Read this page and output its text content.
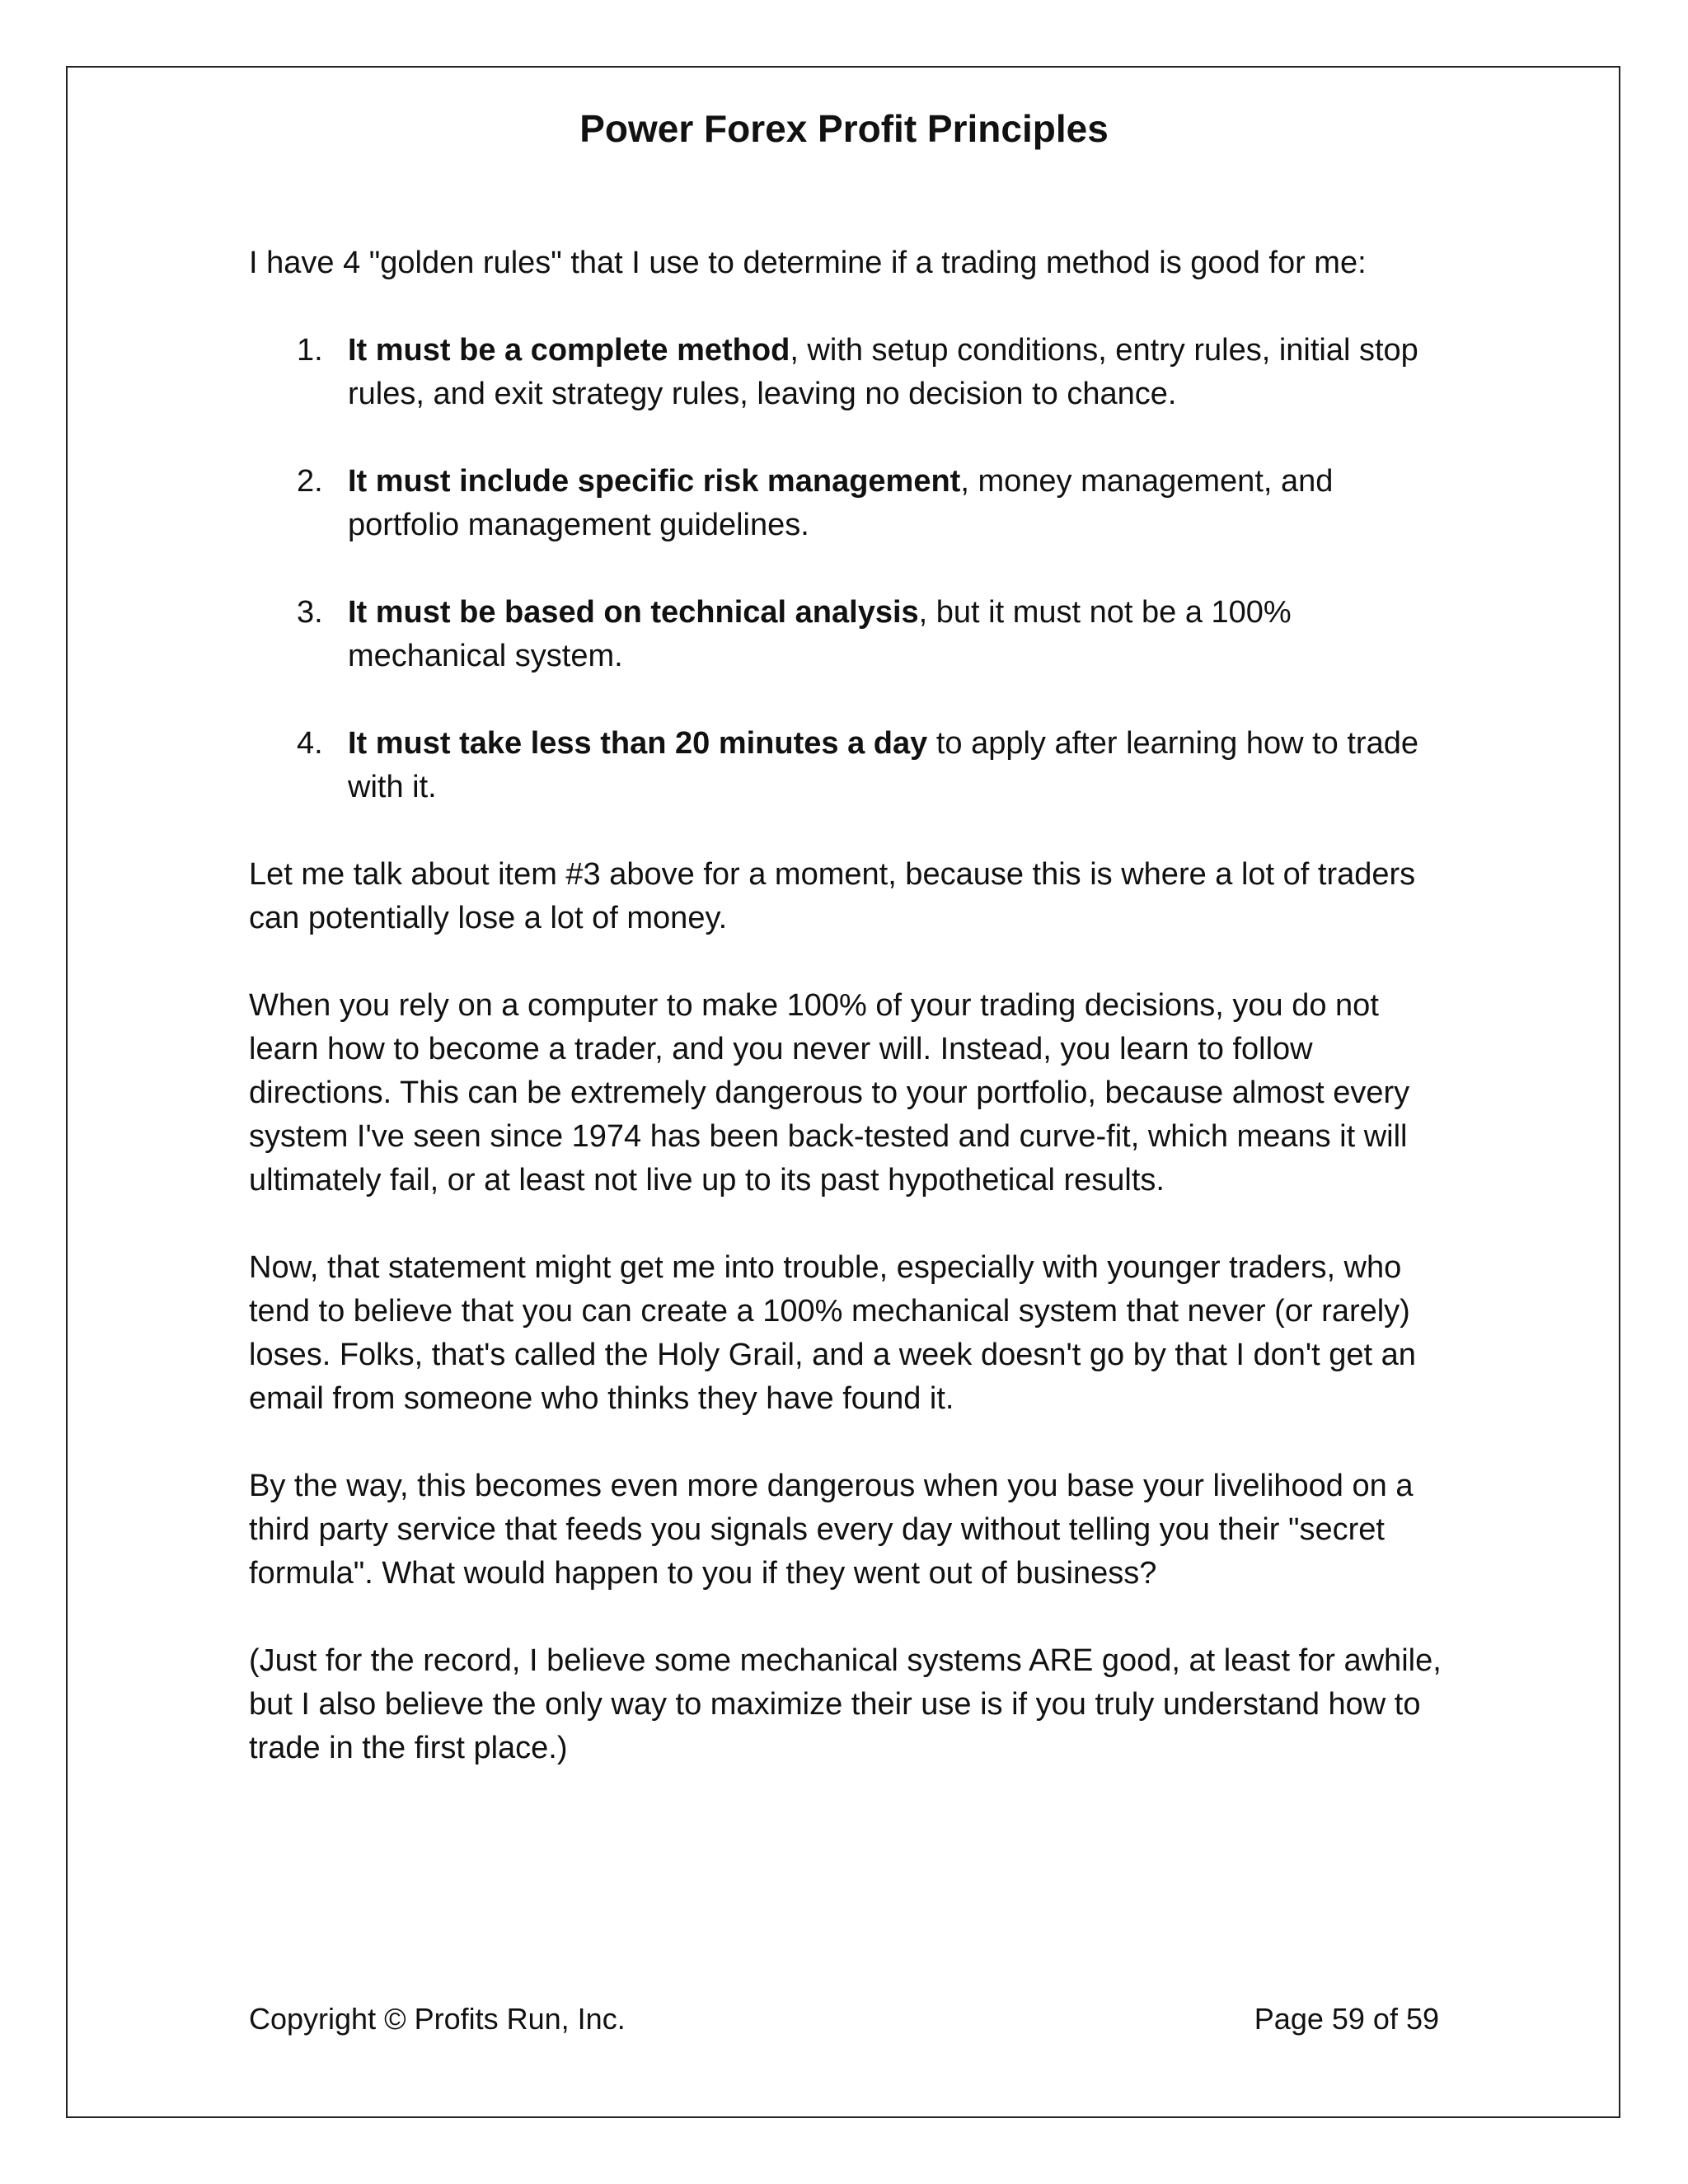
Power Forex Profit Principles

I have 4 "golden rules" that I use to determine if a trading method is good for me:

1. It must be a complete method, with setup conditions, entry rules, initial stop rules, and exit strategy rules, leaving no decision to chance.
2. It must include specific risk management, money management, and portfolio management guidelines.
3. It must be based on technical analysis, but it must not be a 100% mechanical system.
4. It must take less than 20 minutes a day to apply after learning how to trade with it.

Let me talk about item #3 above for a moment, because this is where a lot of traders can potentially lose a lot of money.

When you rely on a computer to make 100% of your trading decisions, you do not learn how to become a trader, and you never will. Instead, you learn to follow directions. This can be extremely dangerous to your portfolio, because almost every system I've seen since 1974 has been back-tested and curve-fit, which means it will ultimately fail, or at least not live up to its past hypothetical results.

Now, that statement might get me into trouble, especially with younger traders, who tend to believe that you can create a 100% mechanical system that never (or rarely) loses. Folks, that's called the Holy Grail, and a week doesn't go by that I don't get an email from someone who thinks they have found it.

By the way, this becomes even more dangerous when you base your livelihood on a third party service that feeds you signals every day without telling you their "secret formula". What would happen to you if they went out of business?

(Just for the record, I believe some mechanical systems ARE good, at least for awhile, but I also believe the only way to maximize their use is if you truly understand how to trade in the first place.)

Copyright © Profits Run, Inc.	Page 59 of 59
